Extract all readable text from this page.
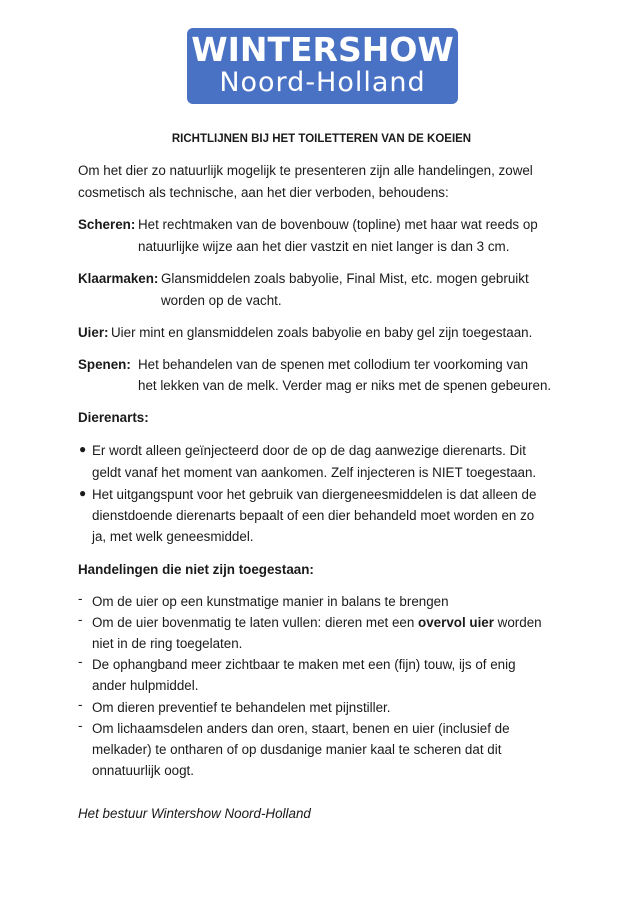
WINTERSHOW
Noord-Holland
RICHTLIJNEN BIJ HET TOILETTEREN VAN DE KOEIEN
Om het dier zo natuurlijk mogelijk te presenteren zijn alle handelingen, zowel
cosmetisch als technische, aan het dier verboden, behoudens:
Scheren: Het rechtmaken van de bovenbouw (topline) met haar wat reeds op
natuurlijke wijze aan het dier vastzit en niet langer is dan 3 cm.
Klaarmaken: Glansmiddelen zoals babyolie, Final Mist, etc. mogen gebruikt
worden op de vacht.
Uier: Uier mint en glansmiddelen zoals babyolie en baby gel zijn toegestaan.
Spenen: Het behandelen van de spenen met collodium ter voorkoming van
het lekken van de melk. Verder mag er niks met de spenen gebeuren.
Dierenarts:
● Er wordt alleen geïnjecteerd door de op de dag aanwezige dierenarts. Dit
geldt vanaf het moment van aankomen. Zelf injecteren is NIET toegestaan.
● Het uitgangspunt voor het gebruik van diergeneesmiddelen is dat alleen de
dienstdoende dierenarts bepaalt of een dier behandeld moet worden en zo
ja, met welk geneesmiddel.
Handelingen die niet zijn toegestaan:
- Om de uier op een kunstmatige manier in balans te brengen
- Om de uier bovenmatig te laten vullen: dieren met een overvol uier worden
niet in de ring toegelaten.
- De ophangband meer zichtbaar te maken met een (fijn) touw, ijs of enig
ander hulpmiddel.
- Om dieren preventief te behandelen met pijnstiller.
- Om lichaamsdelen anders dan oren, staart, benen en uier (inclusief de
melkader) te ontharen of op dusdanige manier kaal te scheren dat dit
onnatuurlijk oogt.
Het bestuur Wintershow Noord-Holland
